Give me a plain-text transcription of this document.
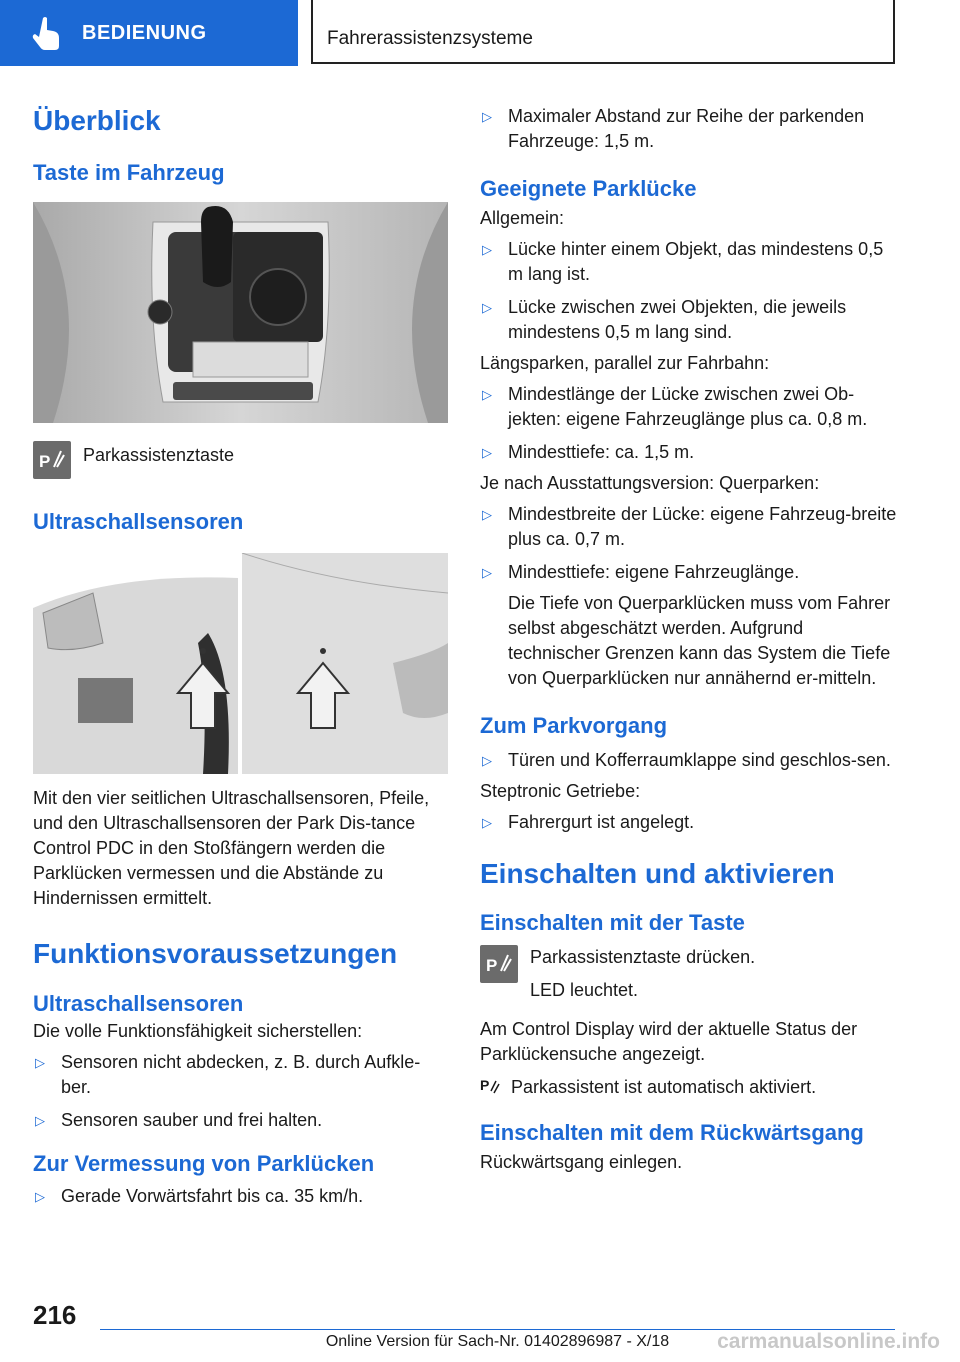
BEDIENUNG	Fahrerassistenzsysteme
Überblick
Taste im Fahrzeug
P Parkassistenztaste

Ultraschallsensoren

Mit den vier seitlichen Ultraschallsensoren, Pfeile, und den Ultraschallsensoren der Park Dis‐tance Control PDC in den Stoßfängern werden die Parklücken vermessen und die Abstände zu Hindernissen ermittelt.

Funktionsvoraussetzungen
Ultraschallsensoren

Die volle Funktionsfähigkeit sicherstellen:

▷ Sensoren nicht abdecken, z. B. durch Aufkle‐ber.
▷ Sensoren sauber und frei halten.
Zur Vermessung von Parklücken
▷ Gerade Vorwärtsfahrt bis ca. 35 km/h.
▷ Maximaler Abstand zur Reihe der parkenden Fahrzeuge: 1,5 m.
Geeignete Parklücke

Allgemein:

▷ Lücke hinter einem Objekt, das mindestens 0,5 m lang ist.
▷ Lücke zwischen zwei Objekten, die jeweils mindestens 0,5 m lang sind.

Längsparken, parallel zur Fahrbahn:

▷ Mindestlänge der Lücke zwischen zwei Ob‐jekten: eigene Fahrzeuglänge plus ca. 0,8 m.
▷ Mindesttiefe: ca. 1,5 m.

Je nach Ausstattungsversion: Querparken:

▷ Mindestbreite der Lücke: eigene Fahrzeug‐breite plus ca. 0,7 m.
▷ Mindesttiefe: eigene Fahrzeuglänge.

Die Tiefe von Querparklücken muss vom Fahrer selbst abgeschätzt werden. Aufgrund technischer Grenzen kann das System die Tiefe von Querparklücken nur annähernd er‐mitteln.

Zum Parkvorgang
▷ Türen und Kofferraumklappe sind geschlos‐sen.

Steptronic Getriebe:

▷ Fahrergurt ist angelegt.
Einschalten und aktivieren
Einschalten mit der Taste
P Parkassistenztaste drücken.

LED leuchtet.

Am Control Display wird der aktuelle Status der Parklückensuche angezeigt.

P Parkassistent ist automatisch aktiviert.

Einschalten mit dem Rückwärtsgang

Rückwärtsgang einlegen.

216
Online Version für Sach-Nr. 01402896987 - X/18	carmanualsonline.info
